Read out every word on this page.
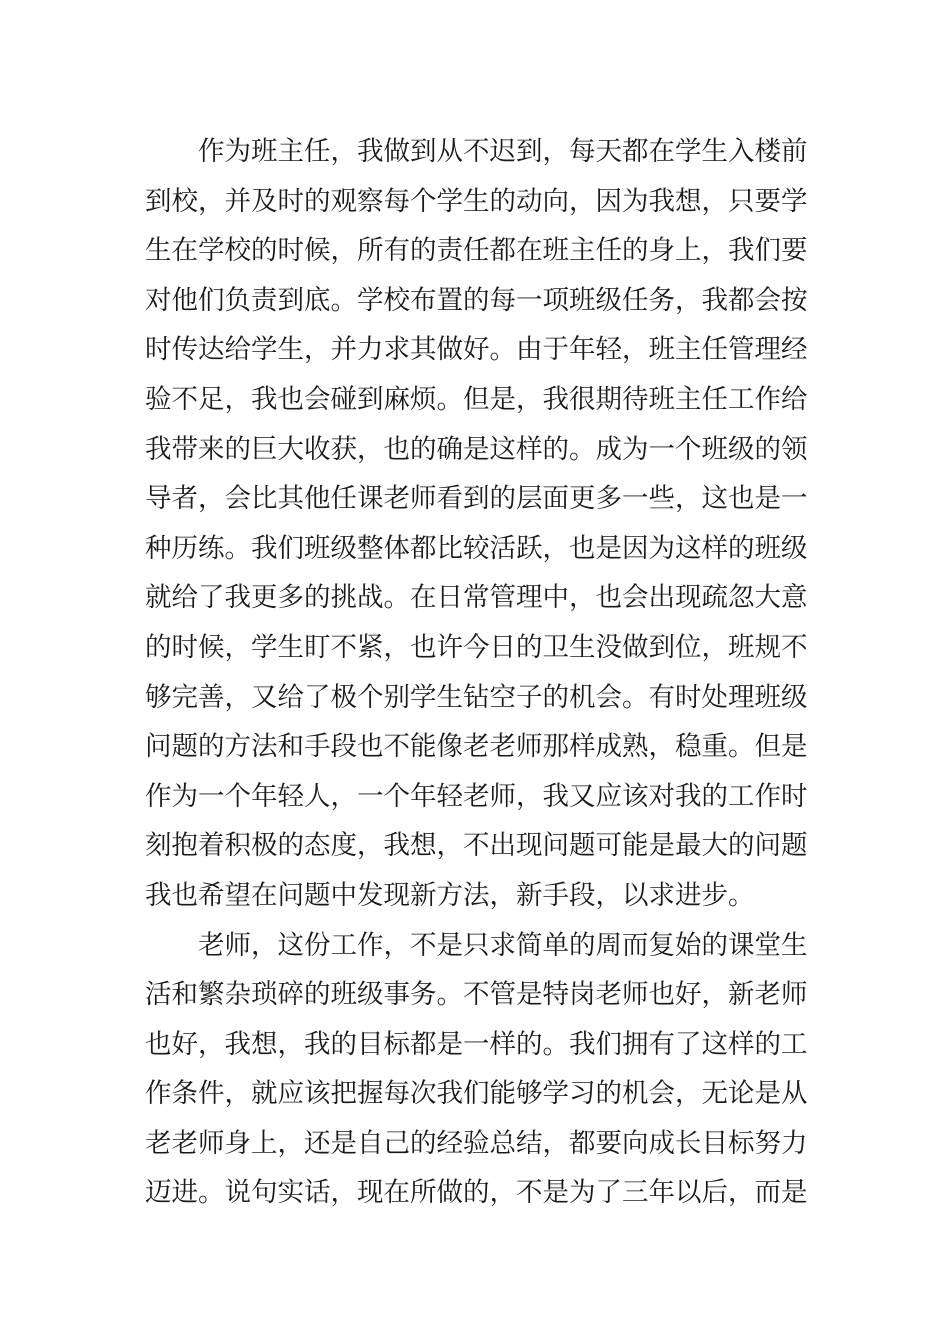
作为班主任，我做到从不迟到，每天都在学生入楼前
到校，并及时的观察每个学生的动向，因为我想，只要学
生在学校的时候，所有的责任都在班主任的身上，我们要
对他们负责到底。学校布置的每一项班级任务，我都会按
时传达给学生，并力求其做好。由于年轻，班主任管理经
验不足，我也会碰到麻烦。但是，我很期待班主任工作给
我带来的巨大收获，也的确是这样的。成为一个班级的领
导者，会比其他任课老师看到的层面更多一些，这也是一
种历练。我们班级整体都比较活跃，也是因为这样的班级
就给了我更多的挑战。在日常管理中，也会出现疏忽大意
的时候，学生盯不紧，也许今日的卫生没做到位，班规不
够完善，又给了极个别学生钻空子的机会。有时处理班级
问题的方法和手段也不能像老老师那样成熟，稳重。但是
作为一个年轻人，一个年轻老师，我又应该对我的工作时
刻抱着积极的态度，我想，不出现问题可能是最大的问题
我也希望在问题中发现新方法，新手段，以求进步。
老师，这份工作，不是只求简单的周而复始的课堂生
活和繁杂琐碎的班级事务。不管是特岗老师也好，新老师
也好，我想，我的目标都是一样的。我们拥有了这样的工
作条件，就应该把握每次我们能够学习的机会，无论是从
老老师身上，还是自己的经验总结，都要向成长目标努力
迈进。说句实话，现在所做的，不是为了三年以后，而是
